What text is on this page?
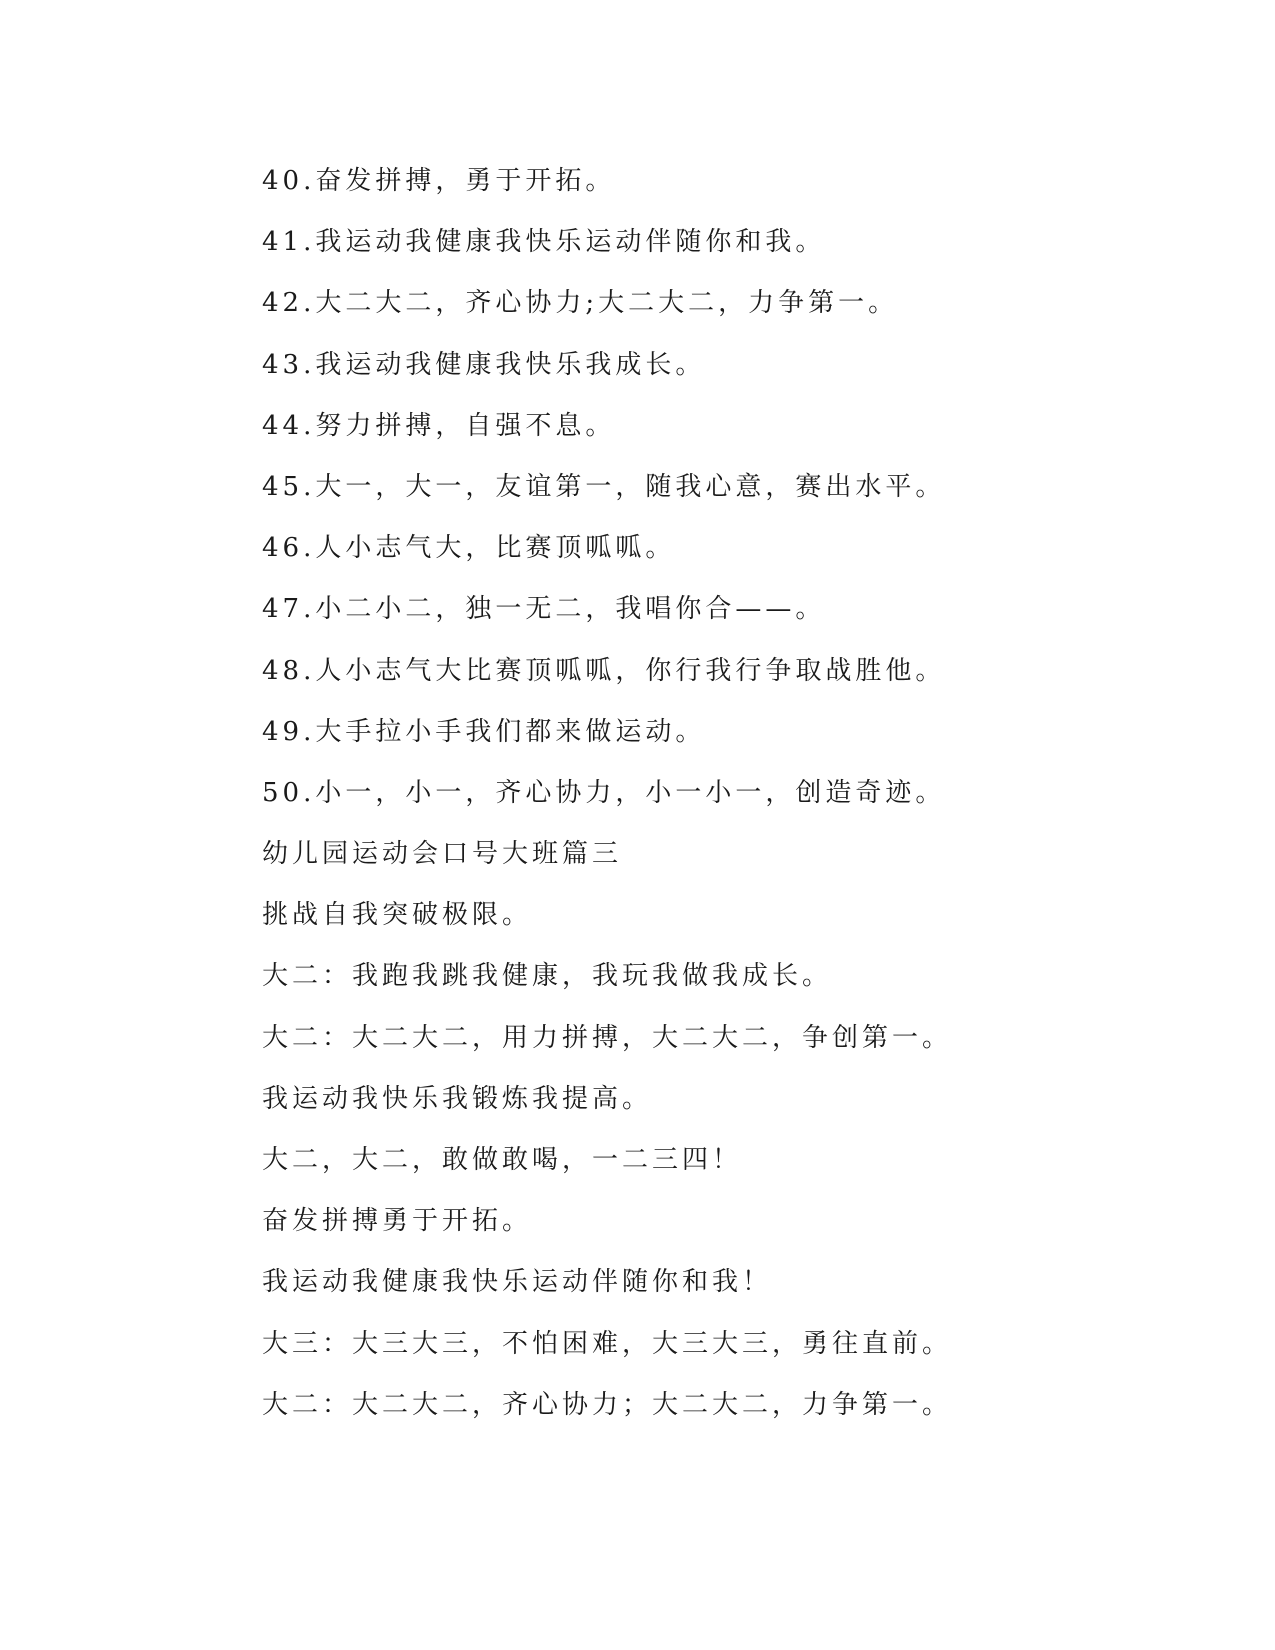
40.奋发拼搏，勇于开拓。
41.我运动我健康我快乐运动伴随你和我。
42.大二大二，齐心协力;大二大二，力争第一。
43.我运动我健康我快乐我成长。
44.努力拼搏，自强不息。
45.大一，大一，友谊第一，随我心意，赛出水平。
46.人小志气大，比赛顶呱呱。
47.小二小二，独一无二，我唱你合——。
48.人小志气大比赛顶呱呱，你行我行争取战胜他。
49.大手拉小手我们都来做运动。
50.小一，小一，齐心协力，小一小一，创造奇迹。
幼儿园运动会口号大班篇三
挑战自我突破极限。
大二：我跑我跳我健康，我玩我做我成长。
大二：大二大二，用力拼搏，大二大二，争创第一。
我运动我快乐我锻炼我提高。
大二，大二，敢做敢喝，一二三四！
奋发拼搏勇于开拓。
我运动我健康我快乐运动伴随你和我！
大三：大三大三，不怕困难，大三大三，勇往直前。
大二：大二大二，齐心协力；大二大二，力争第一。
